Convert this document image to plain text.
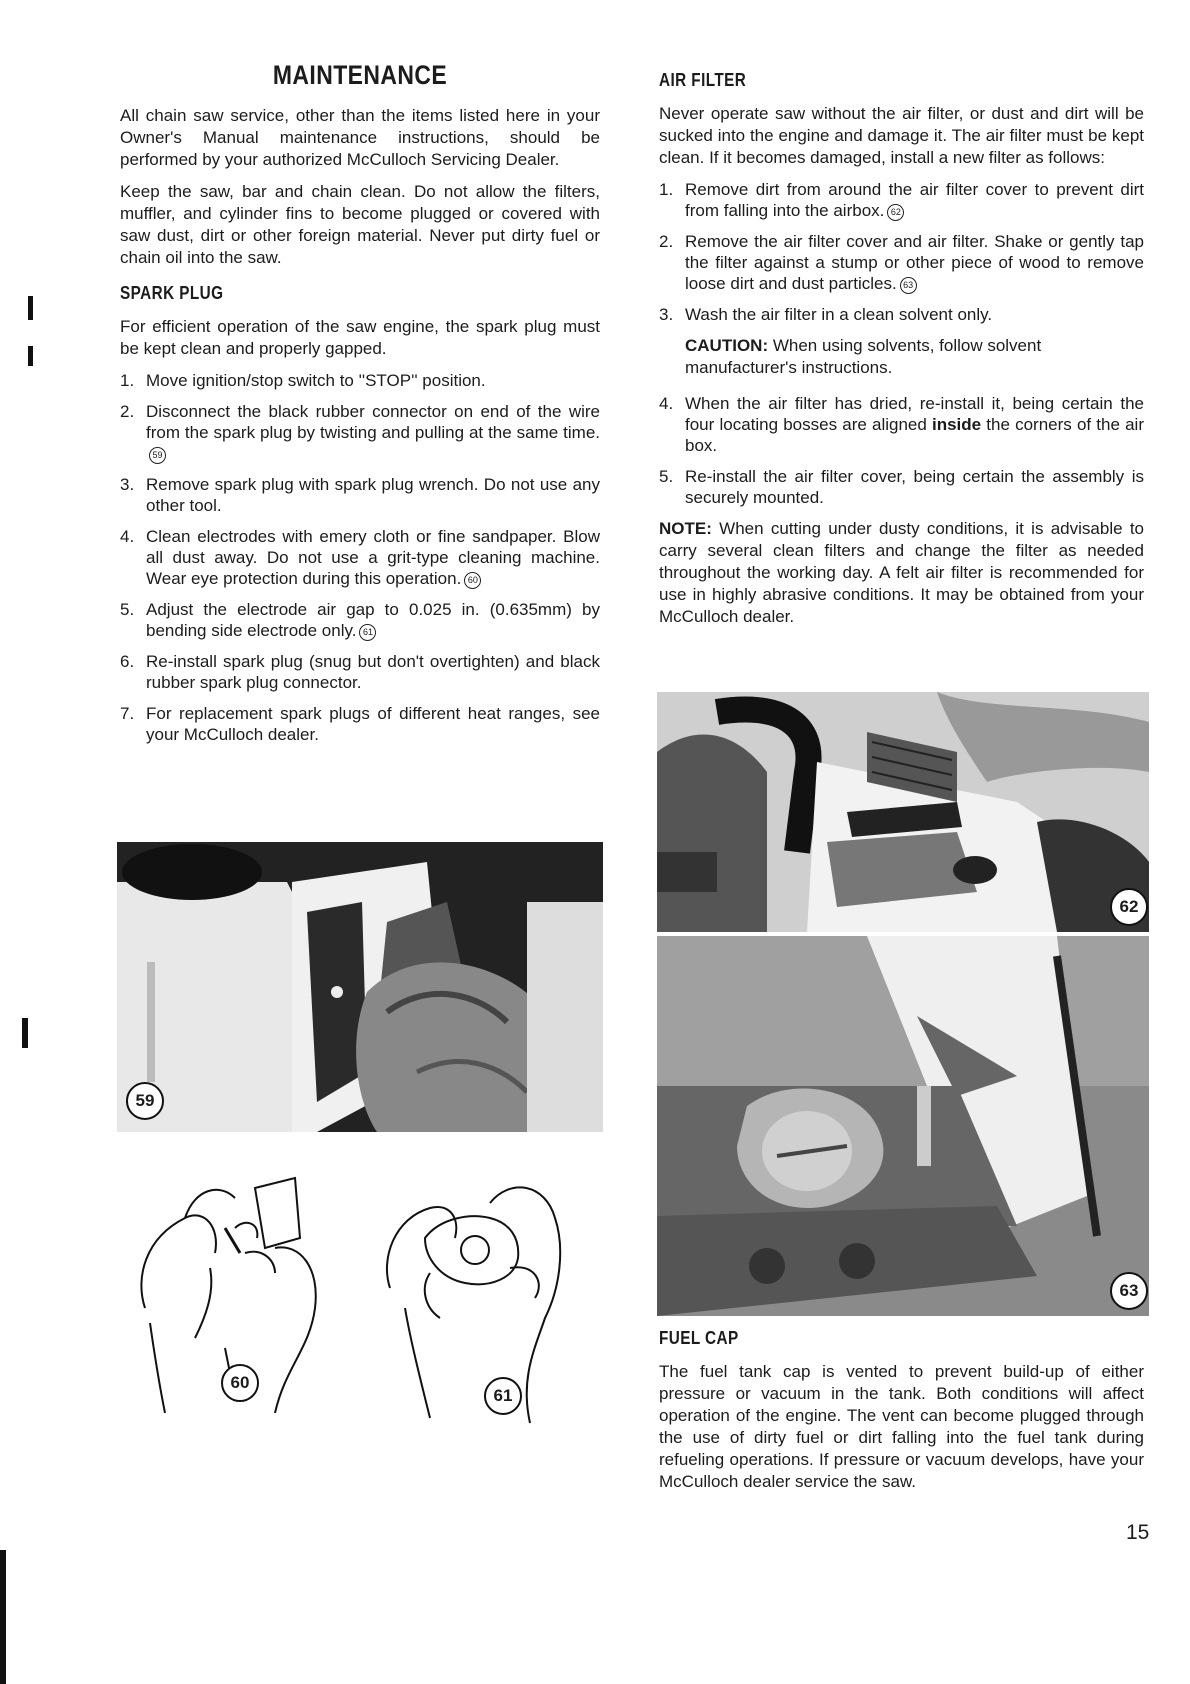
MAINTENANCE

All chain saw service, other than the items listed here in your Owner's Manual maintenance instructions, should be performed by your authorized McCulloch Servicing Dealer.

Keep the saw, bar and chain clean. Do not allow the filters, muffler, and cylinder fins to become plugged or covered with saw dust, dirt or other foreign material. Never put dirty fuel or chain oil into the saw.

SPARK PLUG

For efficient operation of the saw engine, the spark plug must be kept clean and properly gapped.

1. Move ignition/stop switch to ''STOP'' position.
2. Disconnect the black rubber connector on end of the wire from the spark plug by twisting and pulling at the same time.59
3. Remove spark plug with spark plug wrench. Do not use any other tool.
4. Clean electrodes with emery cloth or fine sandpaper. Blow all dust away. Do not use a grit-type cleaning machine. Wear eye protection during this operation. 60
5. Adjust the electrode air gap to 0.025 in. (0.635mm) by bending side electrode only. 61
6. Re-install spark plug (snug but don't overtighten) and black rubber spark plug connector.
7. For replacement spark plugs of different heat ranges, see your McCulloch dealer.
59
60
61
AIR FILTER

Never operate saw without the air filter, or dust and dirt will be sucked into the engine and damage it. The air filter must be kept clean. If it becomes damaged, install a new filter as follows:

1. Remove dirt from around the air filter cover to prevent dirt from falling into the airbox. 62
2. Remove the air filter cover and air filter. Shake or gently tap the filter against a stump or other piece of wood to remove loose dirt and dust particles. 63
3. Wash the air filter in a clean solvent only.
CAUTION: When using solvents, follow solvent manufacturer's instructions.
4. When the air filter has dried, re-install it, being certain the four locating bosses are aligned inside the corners of the air box.
5. Re-install the air filter cover, being certain the assembly is securely mounted.

NOTE: When cutting under dusty conditions, it is advisable to carry several clean filters and change the filter as needed throughout the working day. A felt air filter is recommended for use in highly abrasive conditions. It may be obtained from your McCulloch dealer.

62
63
FUEL CAP

The fuel tank cap is vented to prevent build-up of either pressure or vacuum in the tank. Both conditions will affect operation of the engine. The vent can become plugged through the use of dirty fuel or dirt falling into the fuel tank during refueling operations. If pressure or vacuum develops, have your McCulloch dealer service the saw.

15
